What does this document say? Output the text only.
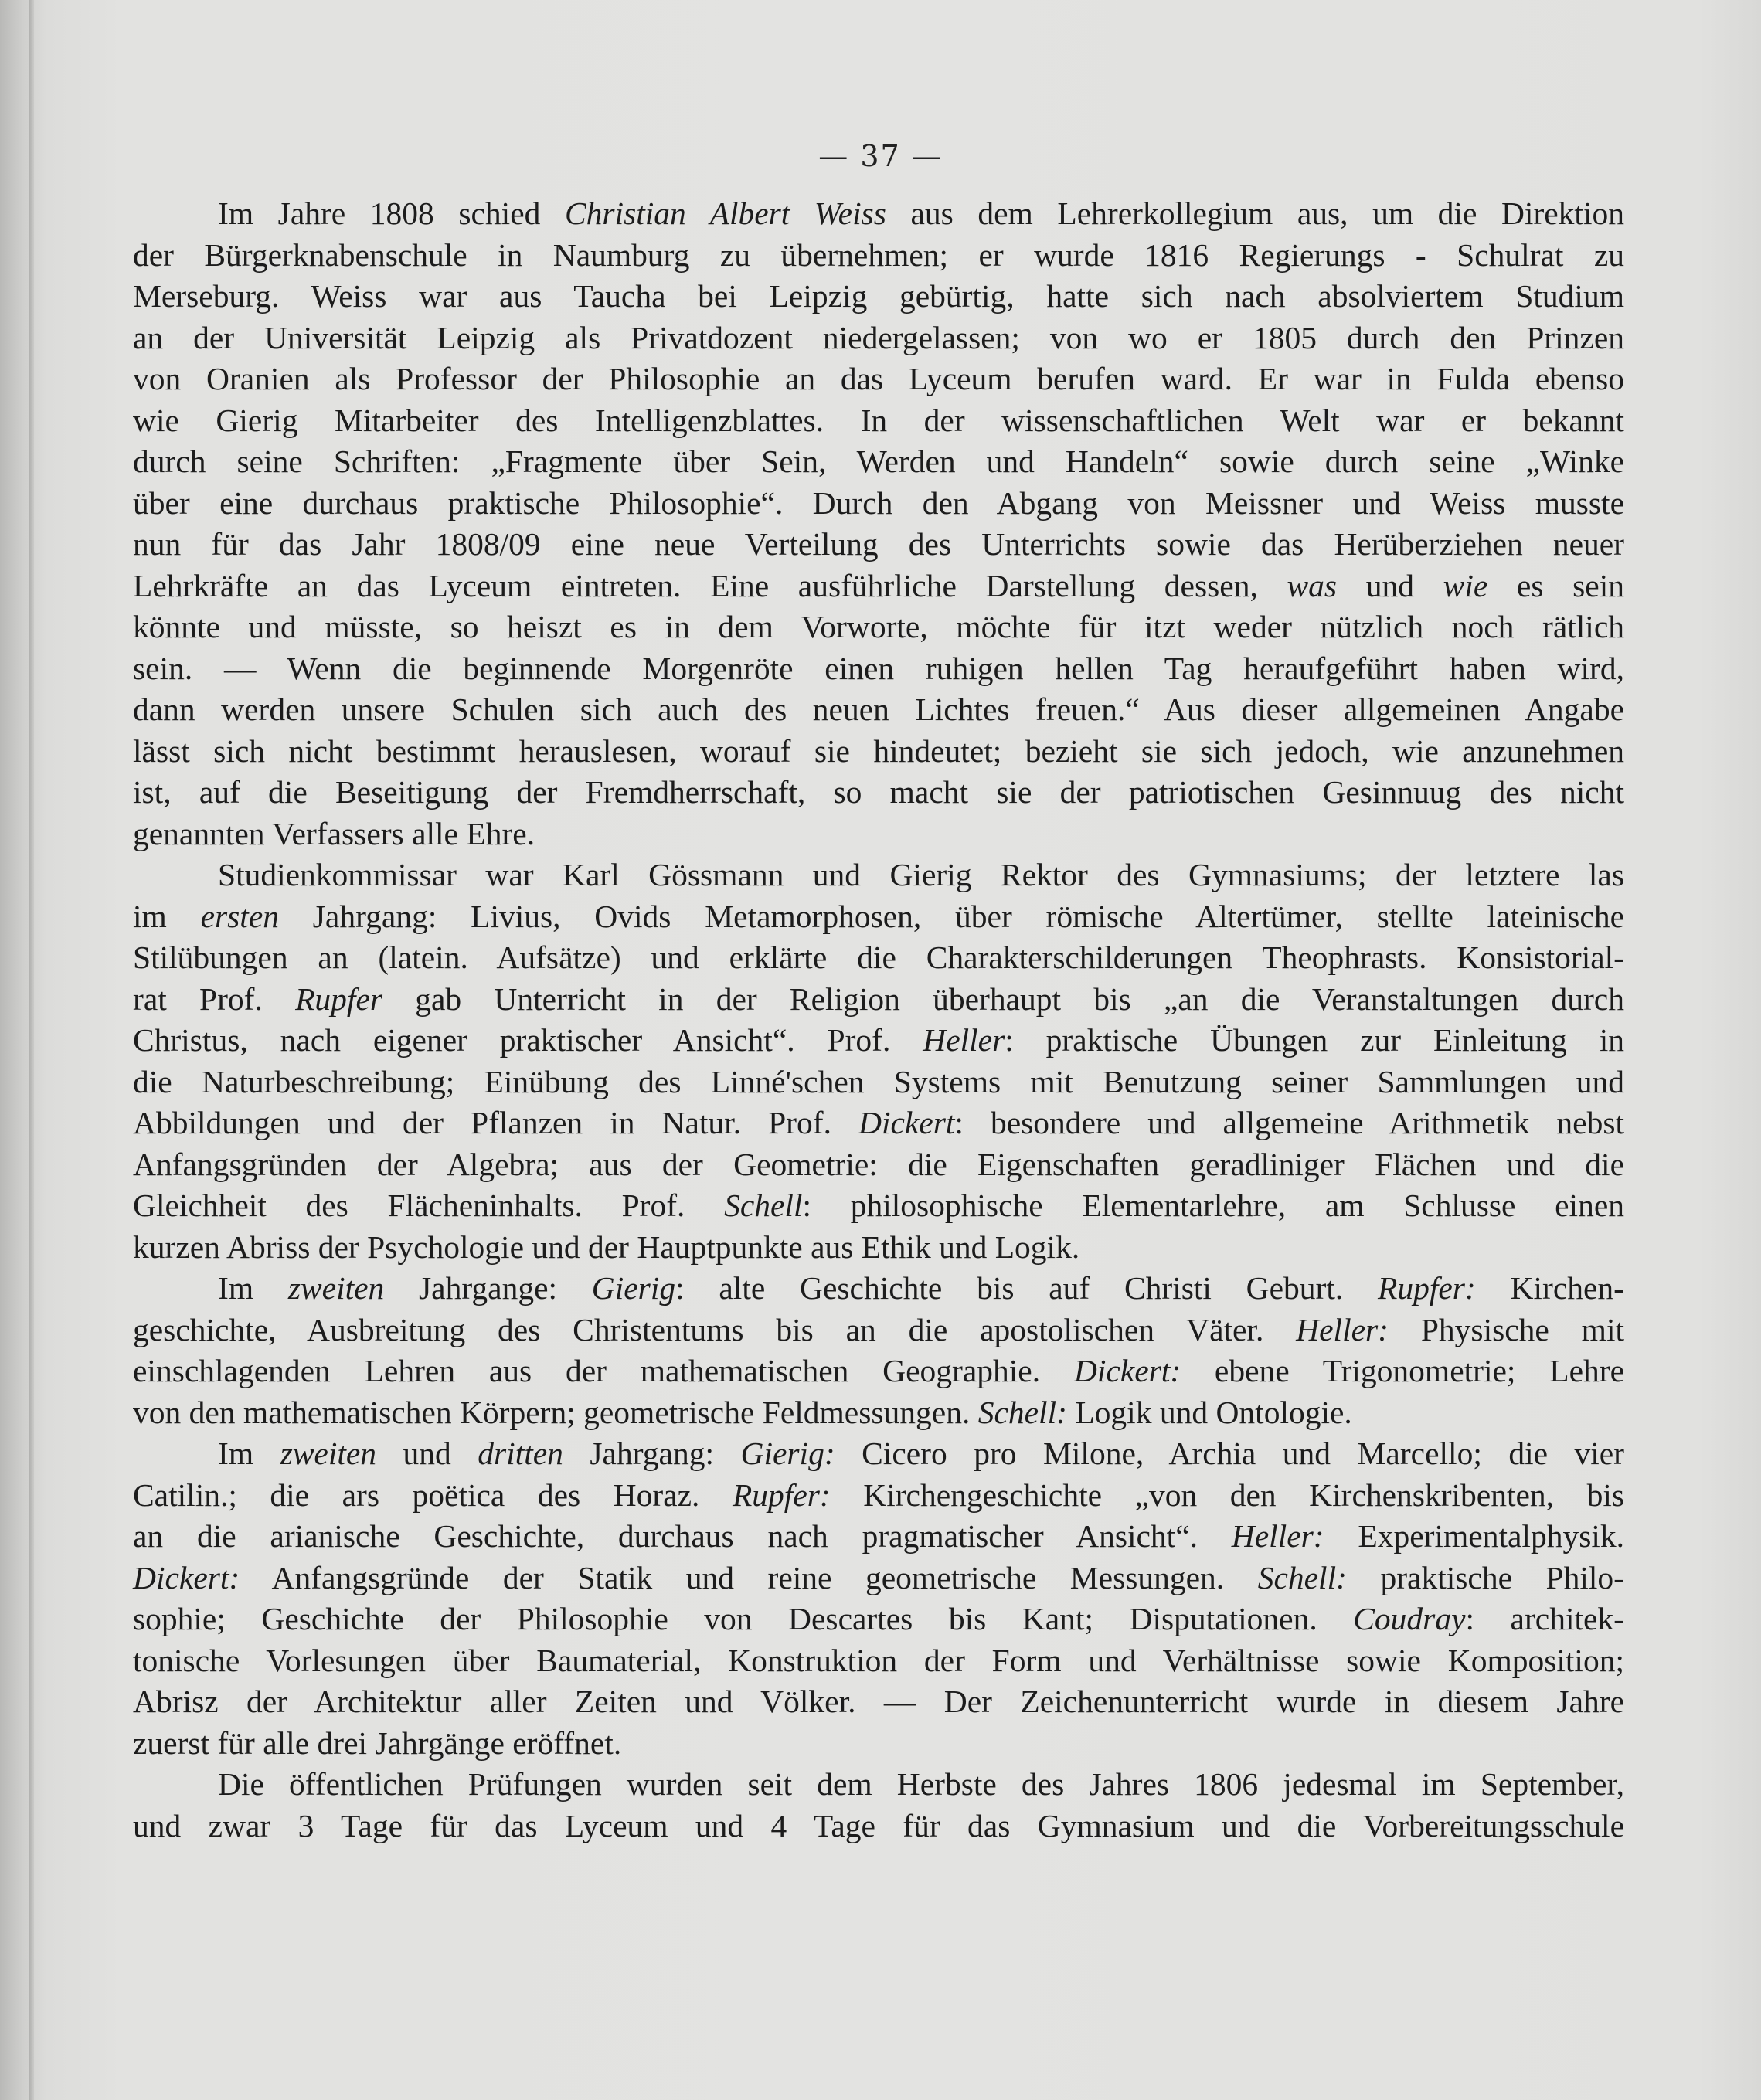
— 37 —
Im Jahre 1808 schied Christian Albert Weiss aus dem Lehrerkollegium aus, um die Direktion
der Bürgerknabenschule in Naumburg zu übernehmen; er wurde 1816 Regierungs - Schulrat zu
Merseburg. Weiss war aus Taucha bei Leipzig gebürtig, hatte sich nach absolviertem Studium
an der Universität Leipzig als Privatdozent niedergelassen; von wo er 1805 durch den Prinzen
von Oranien als Professor der Philosophie an das Lyceum berufen ward. Er war in Fulda ebenso
wie Gierig Mitarbeiter des Intelligenzblattes. In der wissenschaftlichen Welt war er bekannt
durch seine Schriften: „Fragmente über Sein, Werden und Handeln“ sowie durch seine „Winke
über eine durchaus praktische Philosophie“. Durch den Abgang von Meissner und Weiss musste
nun für das Jahr 1808/09 eine neue Verteilung des Unterrichts sowie das Herüberziehen neuer
Lehrkräfte an das Lyceum eintreten. Eine ausführliche Darstellung dessen, was und wie es sein
könnte und müsste, so heiszt es in dem Vorworte, möchte für itzt weder nützlich noch rätlich
sein. — Wenn die beginnende Morgenröte einen ruhigen hellen Tag heraufgeführt haben wird,
dann werden unsere Schulen sich auch des neuen Lichtes freuen.“ Aus dieser allgemeinen Angabe
lässt sich nicht bestimmt herauslesen, worauf sie hindeutet; bezieht sie sich jedoch, wie anzunehmen
ist, auf die Beseitigung der Fremdherrschaft, so macht sie der patriotischen Gesinnuug des nicht
genannten Verfassers alle Ehre.
Studienkommissar war Karl Gössmann und Gierig Rektor des Gymnasiums; der letztere las
im ersten Jahrgang: Livius, Ovids Metamorphosen, über römische Altertümer, stellte lateinische
Stilübungen an (latein. Aufsätze) und erklärte die Charakterschilderungen Theophrasts. Konsistorial-
rat Prof. Rupfer gab Unterricht in der Religion überhaupt bis „an die Veranstaltungen durch
Christus, nach eigener praktischer Ansicht“. Prof. Heller: praktische Übungen zur Einleitung in
die Naturbeschreibung; Einübung des Linné'schen Systems mit Benutzung seiner Sammlungen und
Abbildungen und der Pflanzen in Natur. Prof. Dickert: besondere und allgemeine Arithmetik nebst
Anfangsgründen der Algebra; aus der Geometrie: die Eigenschaften geradliniger Flächen und die
Gleichheit des Flächeninhalts. Prof. Schell: philosophische Elementarlehre, am Schlusse einen
kurzen Abriss der Psychologie und der Hauptpunkte aus Ethik und Logik.
Im zweiten Jahrgange: Gierig: alte Geschichte bis auf Christi Geburt. Rupfer: Kirchen-
geschichte, Ausbreitung des Christentums bis an die apostolischen Väter. Heller: Physische mit
einschlagenden Lehren aus der mathematischen Geographie. Dickert: ebene Trigonometrie; Lehre
von den mathematischen Körpern; geometrische Feldmessungen. Schell: Logik und Ontologie.
Im zweiten und dritten Jahrgang: Gierig: Cicero pro Milone, Archia und Marcello; die vier
Catilin.; die ars poëtica des Horaz. Rupfer: Kirchengeschichte „von den Kirchenskribenten, bis
an die arianische Geschichte, durchaus nach pragmatischer Ansicht“. Heller: Experimentalphysik.
Dickert: Anfangsgründe der Statik und reine geometrische Messungen. Schell: praktische Philo-
sophie; Geschichte der Philosophie von Descartes bis Kant; Disputationen. Coudray: architek-
tonische Vorlesungen über Baumaterial, Konstruktion der Form und Verhältnisse sowie Komposition;
Abrisz der Architektur aller Zeiten und Völker. — Der Zeichenunterricht wurde in diesem Jahre
zuerst für alle drei Jahrgänge eröffnet.
Die öffentlichen Prüfungen wurden seit dem Herbste des Jahres 1806 jedesmal im September,
und zwar 3 Tage für das Lyceum und 4 Tage für das Gymnasium und die Vorbereitungsschule
